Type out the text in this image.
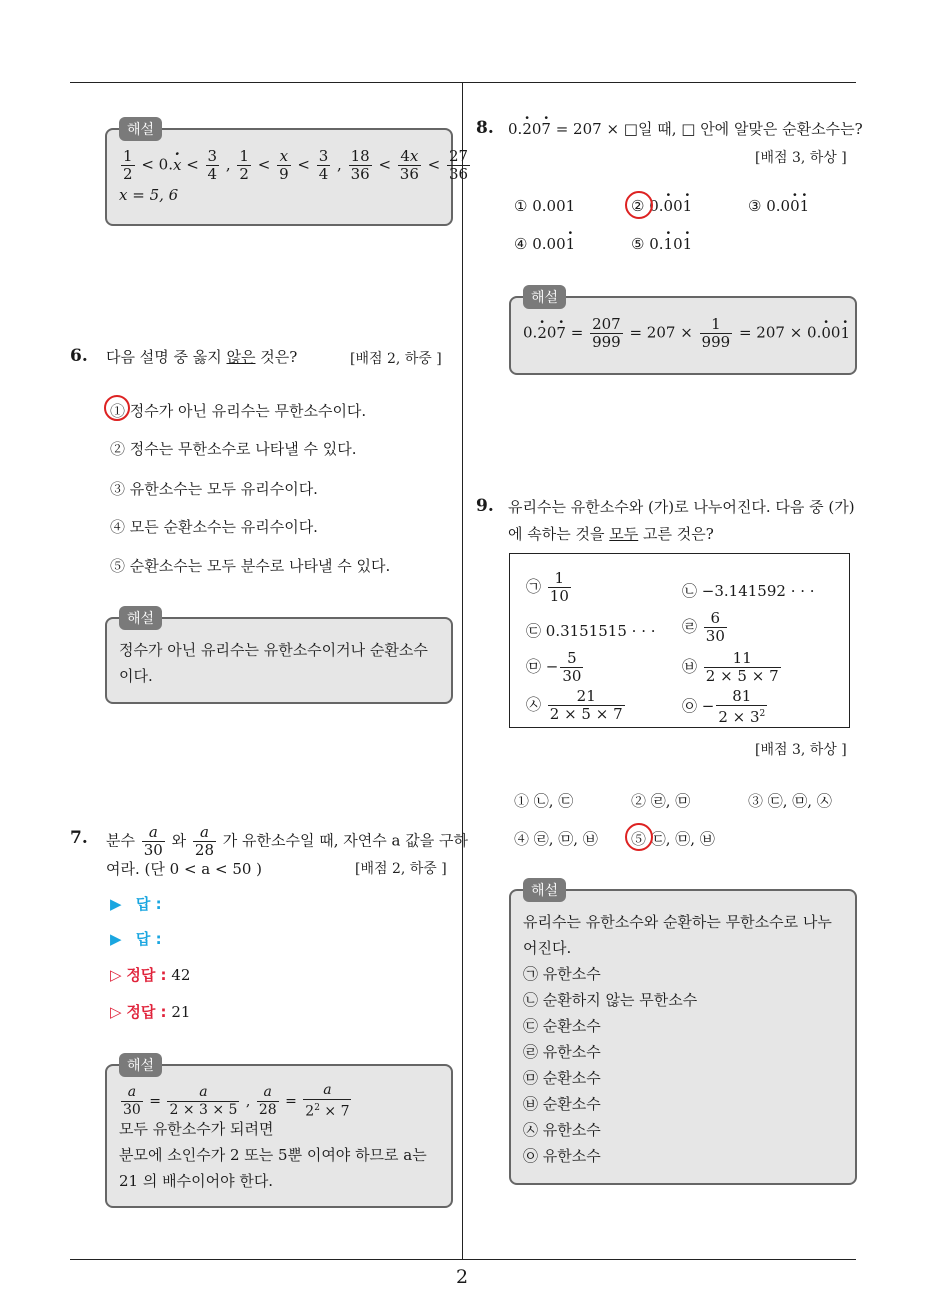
2
해설
$\frac{1}{2} < 0.\cdot x < \frac{3}{4}$ , $\frac{1}{2} < \frac{x}{9} < \frac{3}{4}$ , $\frac{18}{36} < \frac{4x}{36} < \frac{27}{36}$
x = 5, 6
6. 다음 설명 중 옳지 않은 것은?	[배점 2, 하중 ]
① 정수가 아닌 유리수는 무한소수이다.
② 정수는 무한소수로 나타낼 수 있다.
③ 유한소수는 모두 유리수이다.
④ 모든 순환소수는 유리수이다.
⑤ 순환소수는 모두 분수로 나타낼 수 있다.
해설
정수가 아닌 유리수는 유한소수이거나 순환소수
이다.
7. 분수 $\frac{a}{30}$ 와 $\frac{a}{28}$ 가 유한소수일 때, 자연수 a 값을 구하
여라. (단 0 < a < 50 )	[배점 2, 하중 ]
▶ 답 :
▶ 답 :
▷ 정답 : 42
▷ 정답 : 21
해설
$\frac{a}{30} = \frac{a}{2 \times 3 \times 5}$ , $\frac{a}{28} = \frac{a}{2^2 \times 7}$
모두 유한소수가 되려면
분모에 소인수가 2 또는 5뿐 이여야 하므로 a는
21 의 배수이어야 한다.
8. 0.· 20· 7 = 207 × □일 때, □ 안에 알맞은 순환소수는?
[배점 3, 하상 ]
① 0.001	② 0.· 00· 1	③ 0.0· 0· 1
④ 0.00· 1	⑤ 0.· 10· 1
해설
$0.\cdot 20\cdot 7 = \frac{207}{999} = 207 \times \frac{1}{999} = 207 \times 0.\cdot 00\cdot 1$
9. 유리수는 유한소수와 (가)로 나누어진다. 다음 중 (가)
에 속하는 것을 모두 고른 것은?
㉠ $\frac{1}{10}$	㉡ −3.141592 · · ·
㉢ 0.3151515 · · · ㉣ $\frac{6}{30}$
㉤ − $\frac{5}{30}$	㉥ $\frac{11}{2 \times 5 \times 7}$
㉦ $\frac{21}{2 \times 5 \times 7}$	㉧ − $\frac{81}{2 \times 3^2}$
[배점 3, 하상 ]
① ㉡, ㉢	② ㉣, ㉤	③ ㉢, ㉤, ㉦
④ ㉣, ㉤, ㉥ ⑤ ㉢, ㉤, ㉥
해설
유리수는 유한소수와 순환하는 무한소수로 나누
어진다.
㉠ 유한소수
㉡ 순환하지 않는 무한소수
㉢ 순환소수
㉣ 유한소수
㉤ 순환소수
㉥ 순환소수
㉦ 유한소수
㉧ 유한소수
